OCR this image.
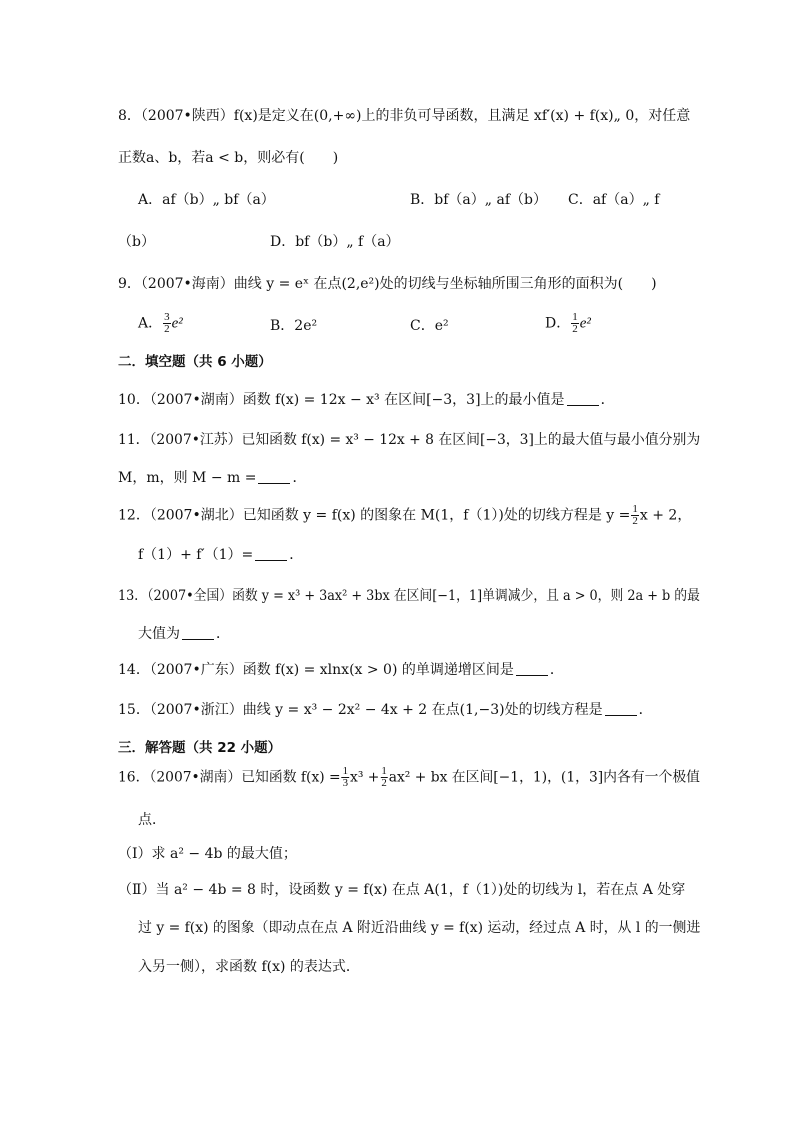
8．（2007•陕西）f(x)是定义在(0,+∞)上的非负可导函数，且满足 xf′(x) + f(x)„ 0，对任意
正数a、b，若a < b，则必有(　　)
A．af（b）„ bf（a）	B．bf（a）„ af（b） C．af（a）„ f
（b）	D．bf（b）„ f（a）
9．（2007•海南）曲线 y = eˣ 在点(2,e²)处的切线与坐标轴所围三角形的面积为(　　)
A． $\frac{3}{2} e^2$	B．2e²	C．e²	D． $\frac{1}{2} e^2$
二．填空题（共 6 小题）
10．（2007•湖南）函数 f(x) = 12x − x³ 在区间[−3，3]上的最小值是	．
11．（2007•江苏）已知函数 f(x) = x³ − 12x + 8 在区间[−3，3]上的最大值与最小值分别为
M，m，则 M − m =	．
12．（2007•湖北）已知函数 y = f(x) 的图象在 M(1，f（1）)处的切线方程是 $y = \frac{1}{2}$ x + 2，
f（1）+ f′（1）=	．
13．（2007•全国）函数 y = x³ + 3ax² + 3bx 在区间[−1，1]单调减少，且 a > 0，则 2a + b 的最
大值为	．
14．（2007•广东）函数 f(x) = xlnx(x > 0) 的单调递增区间是	．
15．（2007•浙江）曲线 y = x³ − 2x² − 4x + 2 在点(1,−3)处的切线方程是	．
三．解答题（共 22 小题）
16．（2007•湖南）已知函数 $f(x) = \frac{1}{3} x^3 + \frac{1}{2} ax^2$ + bx 在区间[−1，1)，(1，3]内各有一个极值
点．
（Ⅰ）求 a² − 4b 的最大值；
（Ⅱ）当 a² − 4b = 8 时，设函数 y = f(x) 在点 A(1，f（1）)处的切线为 l，若在点 A 处穿
过 y = f(x) 的图象（即动点在点 A 附近沿曲线 y = f(x) 运动，经过点 A 时，从 l 的一侧进
入另一侧），求函数 f(x) 的表达式．
